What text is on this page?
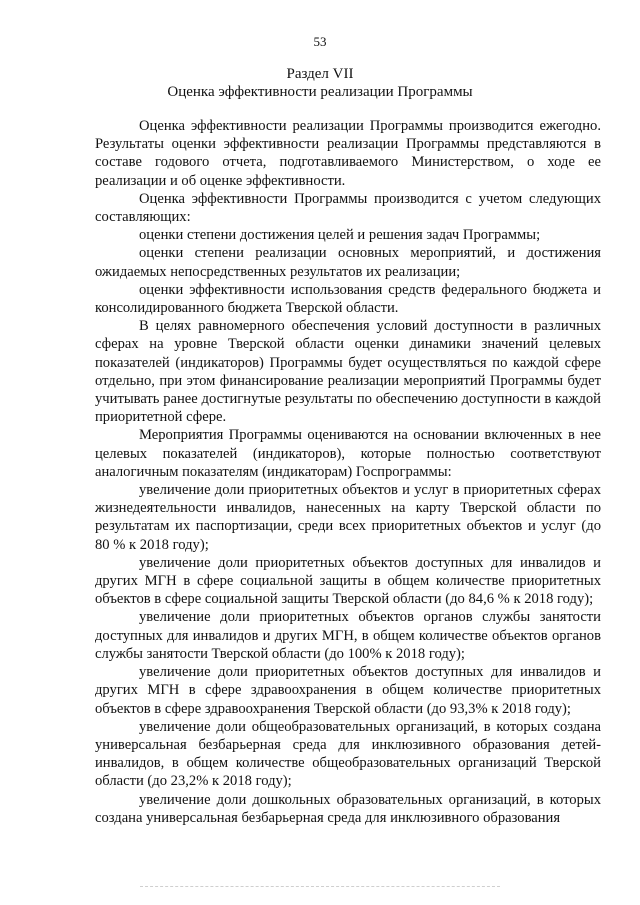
53
Раздел VII
Оценка эффективности реализации Программы

Оценка эффективности реализации Программы производится ежегодно. Результаты оценки эффективности реализации Программы представляются в составе годового отчета, подготавливаемого Министерством, о ходе ее реализации и об оценке эффективности.

Оценка эффективности Программы производится с учетом следующих составляющих:

оценки степени достижения целей и решения задач Программы;

оценки степени реализации основных мероприятий, и достижения ожидаемых непосредственных результатов их реализации;

оценки эффективности использования средств федерального бюджета и консолидированного бюджета Тверской области.

В целях равномерного обеспечения условий доступности в различных сферах на уровне Тверской области оценки динамики значений целевых показателей (индикаторов) Программы будет осуществляться по каждой сфере отдельно, при этом финансирование реализации мероприятий Программы будет учитывать ранее достигнутые результаты по обеспечению доступности в каждой приоритетной сфере.

Мероприятия Программы оцениваются на основании включенных в нее целевых показателей (индикаторов), которые полностью соответствуют аналогичным показателям (индикаторам) Госпрограммы:

увеличение доли приоритетных объектов и услуг в приоритетных сферах жизнедеятельности инвалидов, нанесенных на карту Тверской области по результатам их паспортизации, среди всех приоритетных объектов и услуг (до 80 % к 2018 году);

увеличение доли приоритетных объектов доступных для инвалидов и других МГН в сфере социальной защиты в общем количестве приоритетных объектов в сфере социальной защиты Тверской области (до 84,6 % к 2018 году);

увеличение доли приоритетных объектов органов службы занятости доступных для инвалидов и других МГН, в общем количестве объектов органов службы занятости Тверской области (до 100% к 2018 году);

увеличение доли приоритетных объектов доступных для инвалидов и других МГН в сфере здравоохранения в общем количестве приоритетных объектов в сфере здравоохранения Тверской области (до 93,3% к 2018 году);

увеличение доли общеобразовательных организаций, в которых создана универсальная безбарьерная среда для инклюзивного образования детей-инвалидов, в общем количестве общеобразовательных организаций Тверской области (до 23,2% к 2018 году);

увеличение доли дошкольных образовательных организаций, в которых создана универсальная безбарьерная среда для инклюзивного образования
